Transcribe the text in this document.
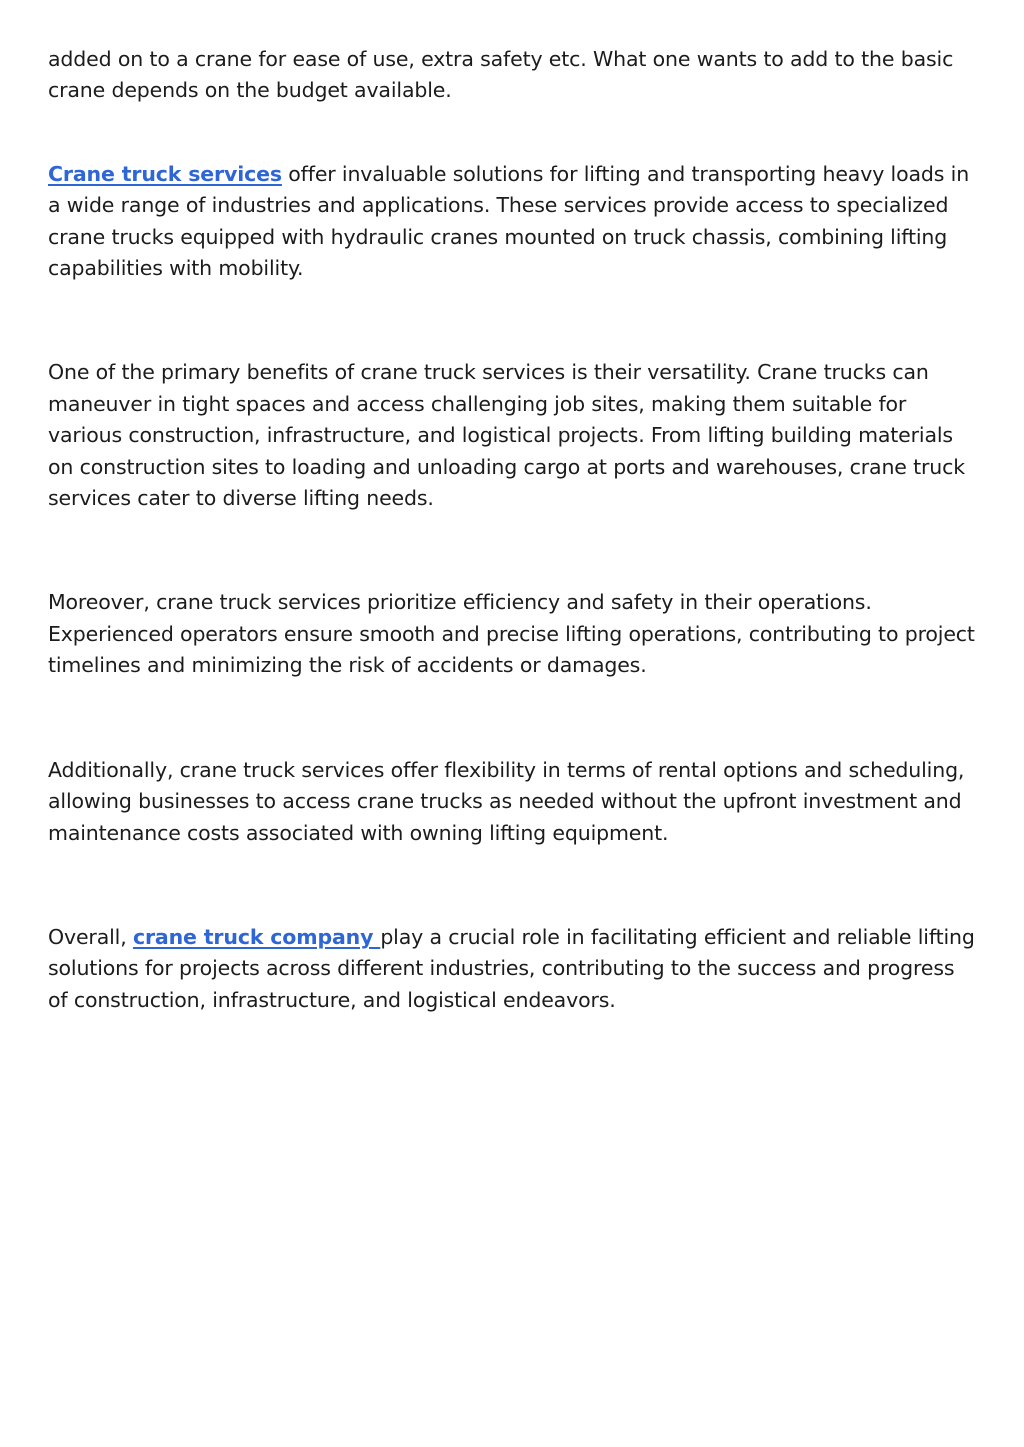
added on to a crane for ease of use, extra safety etc. What one wants to add to the basic crane depends on the budget available.

Crane truck services offer invaluable solutions for lifting and transporting heavy loads in a wide range of industries and applications. These services provide access to specialized crane trucks equipped with hydraulic cranes mounted on truck chassis, combining lifting capabilities with mobility.

One of the primary benefits of crane truck services is their versatility. Crane trucks can maneuver in tight spaces and access challenging job sites, making them suitable for various construction, infrastructure, and logistical projects. From lifting building materials on construction sites to loading and unloading cargo at ports and warehouses, crane truck services cater to diverse lifting needs.

Moreover, crane truck services prioritize efficiency and safety in their operations. Experienced operators ensure smooth and precise lifting operations, contributing to project timelines and minimizing the risk of accidents or damages.

Additionally, crane truck services offer flexibility in terms of rental options and scheduling, allowing businesses to access crane trucks as needed without the upfront investment and maintenance costs associated with owning lifting equipment.

Overall, crane truck company play a crucial role in facilitating efficient and reliable lifting solutions for projects across different industries, contributing to the success and progress of construction, infrastructure, and logistical endeavors.
